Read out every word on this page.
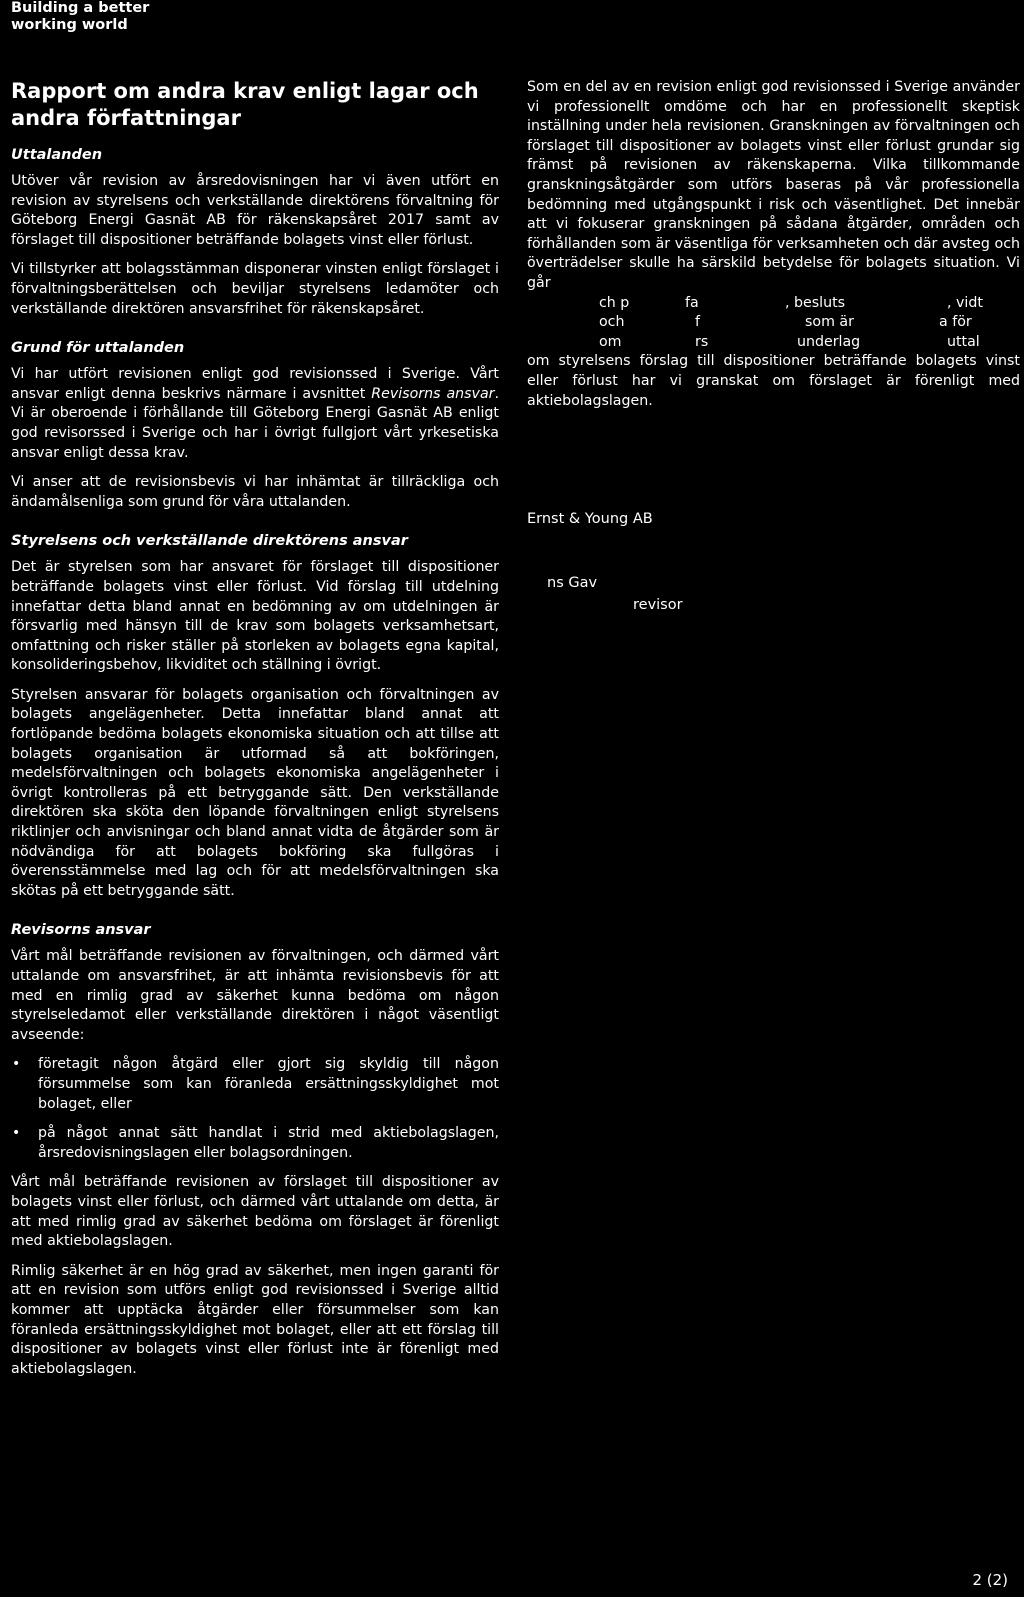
Building a better
working world
Rapport om andra krav enligt lagar och andra författningar
Uttalanden

Utöver vår revision av årsredovisningen har vi även utfört en revision av styrelsens och verkställande direktörens förvaltning för Göteborg Energi Gasnät AB för räkenskapsåret 2017 samt av förslaget till dispositioner beträffande bolagets vinst eller förlust.

Vi tillstyrker att bolagsstämman disponerar vinsten enligt förslaget i förvaltningsberättelsen och beviljar styrelsens ledamöter och verkställande direktören ansvarsfrihet för räkenskapsåret.

Grund för uttalanden

Vi har utfört revisionen enligt god revisionssed i Sverige. Vårt ansvar enligt denna beskrivs närmare i avsnittet Revisorns ansvar. Vi är oberoende i förhållande till Göteborg Energi Gasnät AB enligt god revisorssed i Sverige och har i övrigt fullgjort vårt yrkesetiska ansvar enligt dessa krav.

Vi anser att de revisionsbevis vi har inhämtat är tillräckliga och ändamålsenliga som grund för våra uttalanden.

Styrelsens och verkställande direktörens ansvar

Det är styrelsen som har ansvaret för förslaget till dispositioner beträffande bolagets vinst eller förlust. Vid förslag till utdelning innefattar detta bland annat en bedömning av om utdelningen är försvarlig med hänsyn till de krav som bolagets verksamhetsart, omfattning och risker ställer på storleken av bolagets egna kapital, konsolideringsbehov, likviditet och ställning i övrigt.

Styrelsen ansvarar för bolagets organisation och förvaltningen av bolagets angelägenheter. Detta innefattar bland annat att fortlöpande bedöma bolagets ekonomiska situation och att tillse att bolagets organisation är utformad så att bokföringen, medelsförvaltningen och bolagets ekonomiska angelägenheter i övrigt kontrolleras på ett betryggande sätt. Den verkställande direktören ska sköta den löpande förvaltningen enligt styrelsens riktlinjer och anvisningar och bland annat vidta de åtgärder som är nödvändiga för att bolagets bokföring ska fullgöras i överensstämmelse med lag och för att medelsförvaltningen ska skötas på ett betryggande sätt.

Revisorns ansvar

Vårt mål beträffande revisionen av förvaltningen, och därmed vårt uttalande om ansvarsfrihet, är att inhämta revisionsbevis för att med en rimlig grad av säkerhet kunna bedöma om någon styrelseledamot eller verkställande direktören i något väsentligt avseende:

• företagit någon åtgärd eller gjort sig skyldig till någon försummelse som kan föranleda ersättningsskyldighet mot bolaget, eller
• på något annat sätt handlat i strid med aktiebolagslagen, årsredovisningslagen eller bolagsordningen.

Vårt mål beträffande revisionen av förslaget till dispositioner av bolagets vinst eller förlust, och därmed vårt uttalande om detta, är att med rimlig grad av säkerhet bedöma om förslaget är förenligt med aktiebolagslagen.

Rimlig säkerhet är en hög grad av säkerhet, men ingen garanti för att en revision som utförs enligt god revisionssed i Sverige alltid kommer att upptäcka åtgärder eller försummelser som kan föranleda ersättningsskyldighet mot bolaget, eller att ett förslag till dispositioner av bolagets vinst eller förlust inte är förenligt med aktiebolagslagen.

Som en del av en revision enligt god revisionssed i Sverige använder vi professionellt omdöme och har en professionellt skeptisk inställning under hela revisionen. Granskningen av förvaltningen och förslaget till dispositioner av bolagets vinst eller förlust grundar sig främst på revisionen av räkenskaperna. Vilka tillkommande granskningsåtgärder som utförs baseras på vår professionella bedömning med utgångspunkt i risk och väsentlighet. Det innebär att vi fokuserar granskningen på sådana åtgärder, områden och förhållanden som är väsentliga för verksamheten och där avsteg och överträdelser skulle ha särskild betydelse för bolagets situation. Vi går

ch p	fa	, besluts	, vidt
och	f	som är	a för
om	rs	underlag	uttal

om styrelsens förslag till dispositioner beträffande bolagets vinst eller förlust har vi granskat om förslaget är förenligt med aktiebolagslagen.

Ernst & Young AB
ns Gav
revisor
2 (2)
